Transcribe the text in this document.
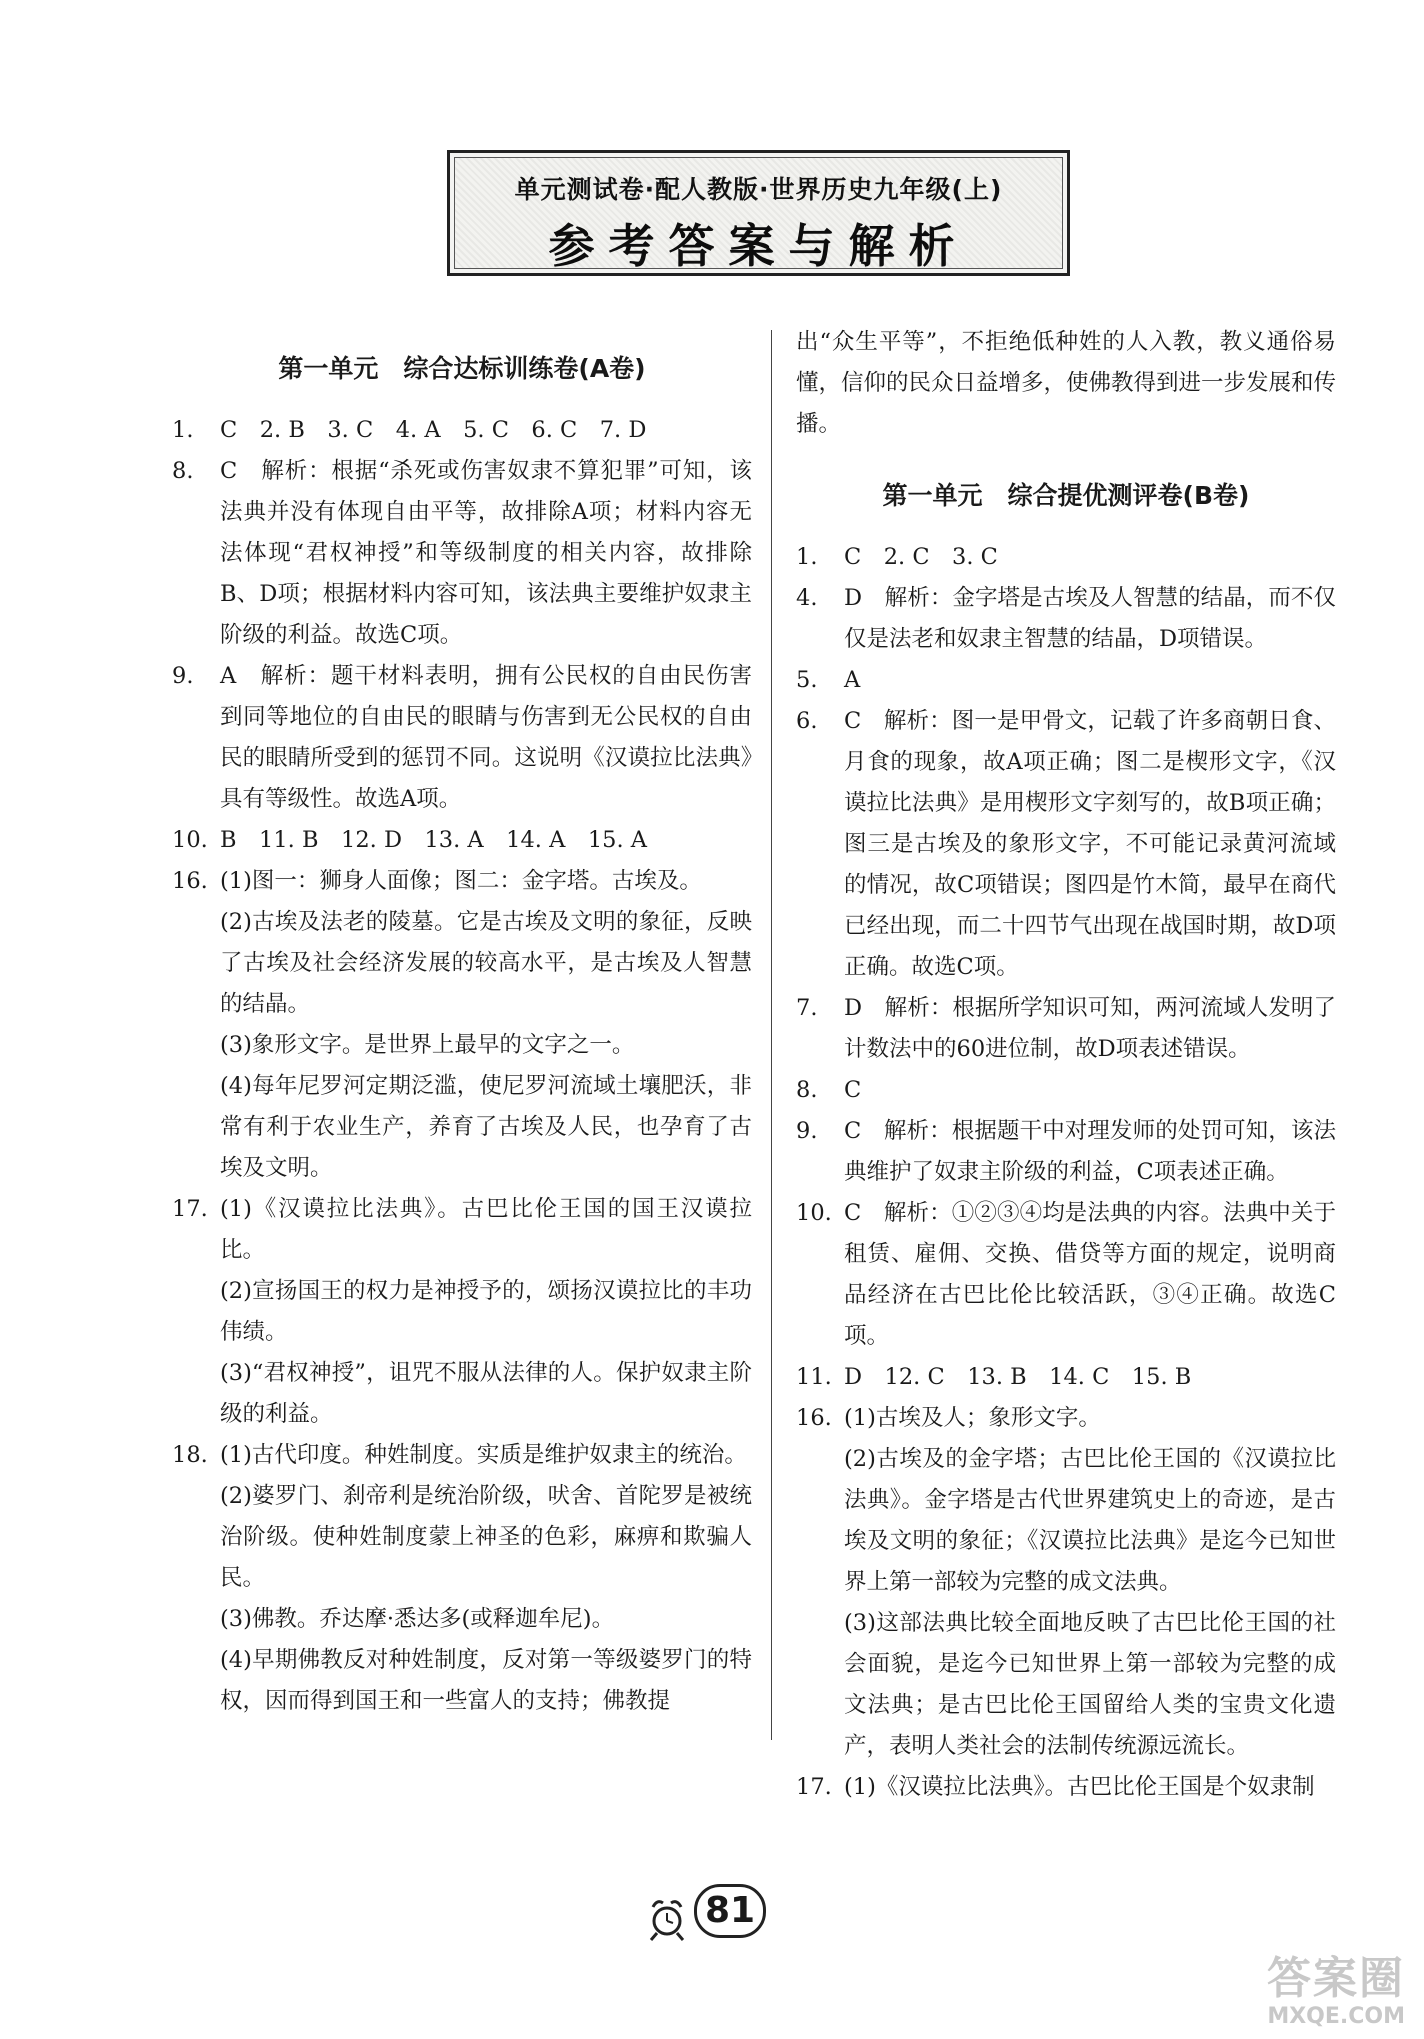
单元测试卷·配人教版·世界历史九年级(上)
参考答案与解析
第一单元　综合达标训练卷(A卷)
1.	C　2. B　3. C　4. A　5. C　6. C　7. D
8.	C　解析：根据“杀死或伤害奴隶不算犯罪”可知，该法典并没有体现自由平等，故排除A项；材料内容无法体现“君权神授”和等级制度的相关内容，故排除B、D项；根据材料内容可知，该法典主要维护奴隶主阶级的利益。故选C项。
9.	A　解析：题干材料表明，拥有公民权的自由民伤害到同等地位的自由民的眼睛与伤害到无公民权的自由民的眼睛所受到的惩罚不同。这说明《汉谟拉比法典》具有等级性。故选A项。
10. B　11. B　12. D　13. A　14. A　15. A
16. (1)图一：狮身人面像；图二：金字塔。古埃及。
(2)古埃及法老的陵墓。它是古埃及文明的象征，反映了古埃及社会经济发展的较高水平，是古埃及人智慧的结晶。
(3)象形文字。是世界上最早的文字之一。
(4)每年尼罗河定期泛滥，使尼罗河流域土壤肥沃，非常有利于农业生产，养育了古埃及人民，也孕育了古埃及文明。
17. (1)《汉谟拉比法典》。古巴比伦王国的国王汉谟拉比。
(2)宣扬国王的权力是神授予的，颂扬汉谟拉比的丰功伟绩。
(3)“君权神授”，诅咒不服从法律的人。保护奴隶主阶级的利益。
18. (1)古代印度。种姓制度。实质是维护奴隶主的统治。
(2)婆罗门、刹帝利是统治阶级，吠舍、首陀罗是被统治阶级。使种姓制度蒙上神圣的色彩，麻痹和欺骗人民。
(3)佛教。乔达摩·悉达多(或释迦牟尼)。
(4)早期佛教反对种姓制度，反对第一等级婆罗门的特权，因而得到国王和一些富人的支持；佛教提
出“众生平等”，不拒绝低种姓的人入教，教义通俗易懂，信仰的民众日益增多，使佛教得到进一步发展和传播。
第一单元　综合提优测评卷(B卷)
1.	C　2. C　3. C
4.	D　解析：金字塔是古埃及人智慧的结晶，而不仅仅是法老和奴隶主智慧的结晶，D项错误。
5.	A
6.	C　解析：图一是甲骨文，记载了许多商朝日食、月食的现象，故A项正确；图二是楔形文字，《汉谟拉比法典》是用楔形文字刻写的，故B项正确；图三是古埃及的象形文字，不可能记录黄河流域的情况，故C项错误；图四是竹木简，最早在商代已经出现，而二十四节气出现在战国时期，故D项正确。故选C项。
7.	D　解析：根据所学知识可知，两河流域人发明了计数法中的60进位制，故D项表述错误。
8.	C
9.	C　解析：根据题干中对理发师的处罚可知，该法典维护了奴隶主阶级的利益，C项表述正确。
10. C　解析：①②③④均是法典的内容。法典中关于租赁、雇佣、交换、借贷等方面的规定，说明商品经济在古巴比伦比较活跃，③④正确。故选C项。
11. D　12. C　13. B　14. C　15. B
16. (1)古埃及人；象形文字。
(2)古埃及的金字塔；古巴比伦王国的《汉谟拉比法典》。金字塔是古代世界建筑史上的奇迹，是古埃及文明的象征；《汉谟拉比法典》是迄今已知世界上第一部较为完整的成文法典。
(3)这部法典比较全面地反映了古巴比伦王国的社会面貌，是迄今已知世界上第一部较为完整的成文法典；是古巴比伦王国留给人类的宝贵文化遗产，表明人类社会的法制传统源远流长。
17. (1)《汉谟拉比法典》。古巴比伦王国是个奴隶制
81
答案圈
MXQE.COM
